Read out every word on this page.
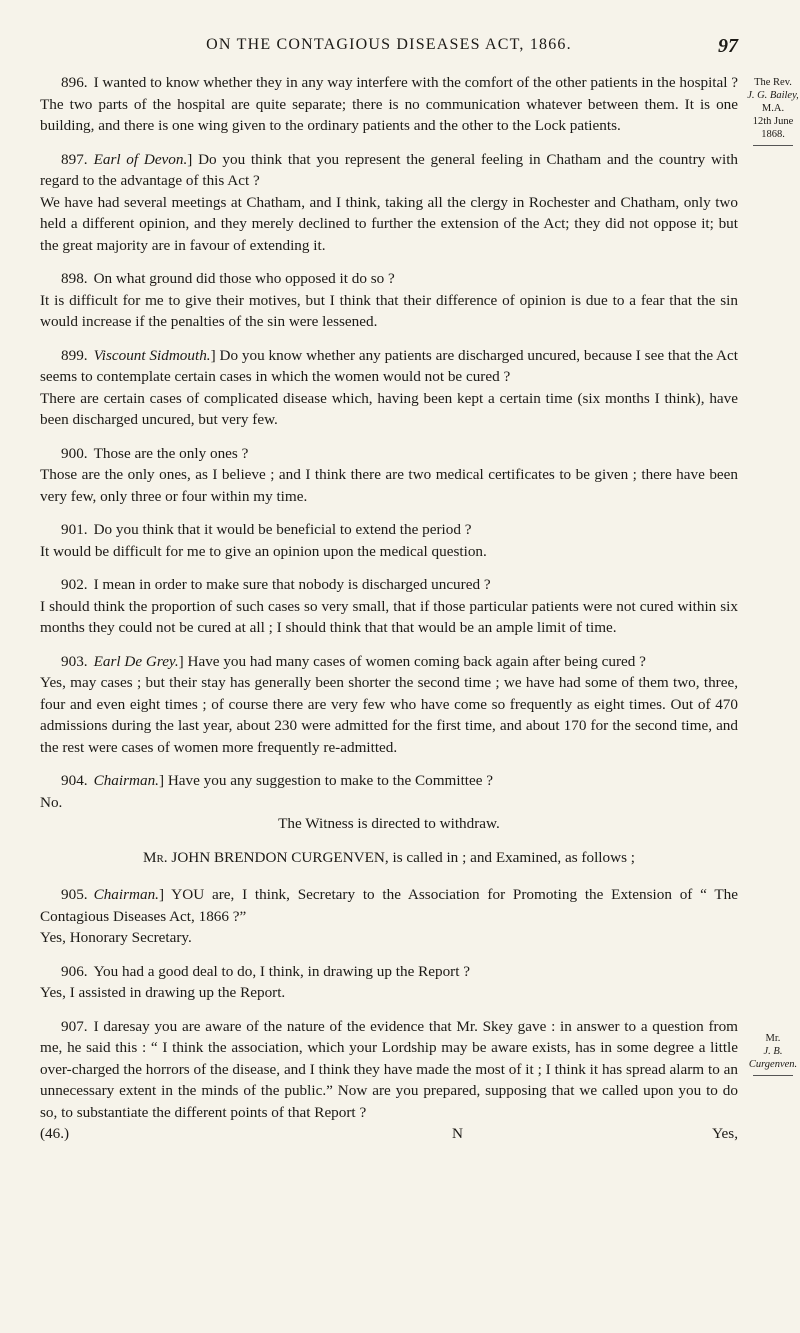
ON THE CONTAGIOUS DISEASES ACT, 1866.	97
The Rev.
J. G. Bailey, M.A.
12th June 1868.
Mr.
J. B. Curgenven.

896. I wanted to know whether they in any way interfere with the comfort of the other patients in the hospital ?

The two parts of the hospital are quite separate; there is no communication whatever between them. It is one building, and there is one wing given to the ordinary patients and the other to the Lock patients.

897. Earl of Devon.] Do you think that you represent the general feeling in Chatham and the country with regard to the advantage of this Act ?

We have had several meetings at Chatham, and I think, taking all the clergy in Rochester and Chatham, only two held a different opinion, and they merely declined to further the extension of the Act; they did not oppose it; but the great majority are in favour of extending it.

898. On what ground did those who opposed it do so ?

It is difficult for me to give their motives, but I think that their difference of opinion is due to a fear that the sin would increase if the penalties of the sin were lessened.

899. Viscount Sidmouth.] Do you know whether any patients are discharged uncured, because I see that the Act seems to contemplate certain cases in which the women would not be cured ?

There are certain cases of complicated disease which, having been kept a certain time (six months I think), have been discharged uncured, but very few.

900. Those are the only ones ?

Those are the only ones, as I believe ; and I think there are two medical certificates to be given ; there have been very few, only three or four within my time.

901. Do you think that it would be beneficial to extend the period ?

It would be difficult for me to give an opinion upon the medical question.

902. I mean in order to make sure that nobody is discharged uncured ?

I should think the proportion of such cases so very small, that if those particular patients were not cured within six months they could not be cured at all ; I should think that that would be an ample limit of time.

903. Earl De Grey.] Have you had many cases of women coming back again after being cured ?

Yes, may cases ; but their stay has generally been shorter the second time ; we have had some of them two, three, four and even eight times ; of course there are very few who have come so frequently as eight times. Out of 470 admissions during the last year, about 230 were admitted for the first time, and about 170 for the second time, and the rest were cases of women more frequently re-admitted.

904. Chairman.] Have you any suggestion to make to the Committee ?

No.

The Witness is directed to withdraw.

Mr. JOHN BRENDON CURGENVEN, is called in ; and Examined, as follows ;

905. Chairman.] YOU are, I think, Secretary to the Association for Promoting the Extension of “ The Contagious Diseases Act, 1866 ?”

Yes, Honorary Secretary.

906. You had a good deal to do, I think, in drawing up the Report ?

Yes, I assisted in drawing up the Report.

907. I daresay you are aware of the nature of the evidence that Mr. Skey gave : in answer to a question from me, he said this : “ I think the association, which your Lordship may be aware exists, has in some degree a little over-charged the horrors of the disease, and I think they have made the most of it ; I think it has spread alarm to an unnecessary extent in the minds of the public.” Now are you prepared, supposing that we called upon you to do so, to substantiate the different points of that Report ?

(46.)	N	Yes,
